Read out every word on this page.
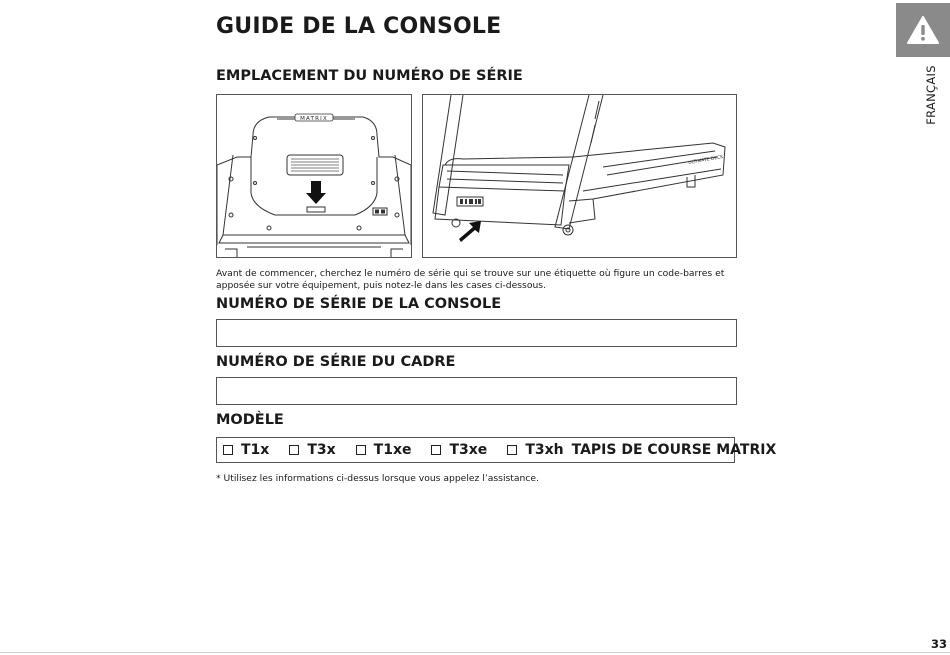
GUIDE DE LA CONSOLE
FRANÇAIS
EMPLACEMENT DU NUMÉRO DE SÉRIE
MATRIX
ULTIMATE DECK

Avant de commencer, cherchez le numéro de série qui se trouve sur une étiquette où figure un code-barres et apposée sur votre équipement, puis notez-le dans les cases ci-dessous.

NUMÉRO DE SÉRIE DE LA CONSOLE
NUMÉRO DE SÉRIE DU CADRE
MODÈLE
T1x	T3x	T1xe	T3xe	T3xh TAPIS DE COURSE MATRIX

* Utilisez les informations ci-dessus lorsque vous appelez l’assistance.

33
